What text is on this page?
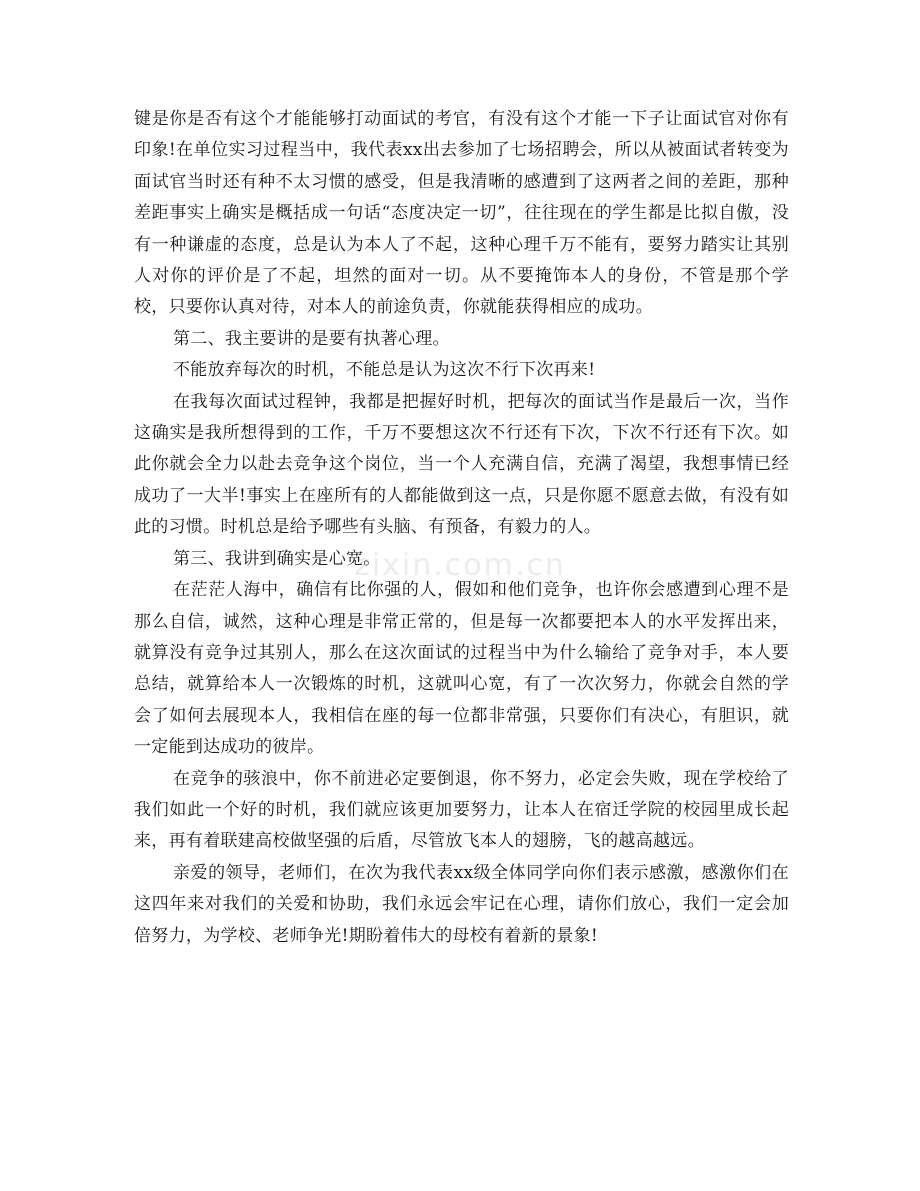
zixin.com.cn

键是你是否有这个才能能够打动面试的考官，有没有这个才能一下子让面试官对你有印象!在单位实习过程当中，我代表xx出去参加了七场招聘会，所以从被面试者转变为面试官当时还有种不太习惯的感受，但是我清晰的感遭到了这两者之间的差距，那种差距事实上确实是概括成一句话“态度决定一切”，往往现在的学生都是比拟自傲，没有一种谦虚的态度，总是认为本人了不起，这种心理千万不能有，要努力踏实让其别人对你的评价是了不起，坦然的面对一切。从不要掩饰本人的身份，不管是那个学校，只要你认真对待，对本人的前途负责，你就能获得相应的成功。

第二、我主要讲的是要有执著心理。

不能放弃每次的时机，不能总是认为这次不行下次再来!

在我每次面试过程钟，我都是把握好时机，把每次的面试当作是最后一次，当作这确实是我所想得到的工作，千万不要想这次不行还有下次，下次不行还有下次。如此你就会全力以赴去竞争这个岗位，当一个人充满自信，充满了渴望，我想事情已经成功了一大半!事实上在座所有的人都能做到这一点，只是你愿不愿意去做，有没有如此的习惯。时机总是给予哪些有头脑、有预备，有毅力的人。

第三、我讲到确实是心宽。

在茫茫人海中，确信有比你强的人，假如和他们竞争，也许你会感遭到心理不是那么自信，诚然，这种心理是非常正常的，但是每一次都要把本人的水平发挥出来，就算没有竞争过其别人，那么在这次面试的过程当中为什么输给了竞争对手，本人要总结，就算给本人一次锻炼的时机，这就叫心宽，有了一次次努力，你就会自然的学会了如何去展现本人，我相信在座的每一位都非常强，只要你们有决心，有胆识，就一定能到达成功的彼岸。

在竞争的骇浪中，你不前进必定要倒退，你不努力，必定会失败，现在学校给了我们如此一个好的时机，我们就应该更加要努力，让本人在宿迁学院的校园里成长起来，再有着联建高校做坚强的后盾，尽管放飞本人的翅膀，飞的越高越远。

亲爱的领导，老师们，在次为我代表xx级全体同学向你们表示感激，感激你们在这四年来对我们的关爱和协助，我们永远会牢记在心理，请你们放心，我们一定会加倍努力，为学校、老师争光!期盼着伟大的母校有着新的景象!
